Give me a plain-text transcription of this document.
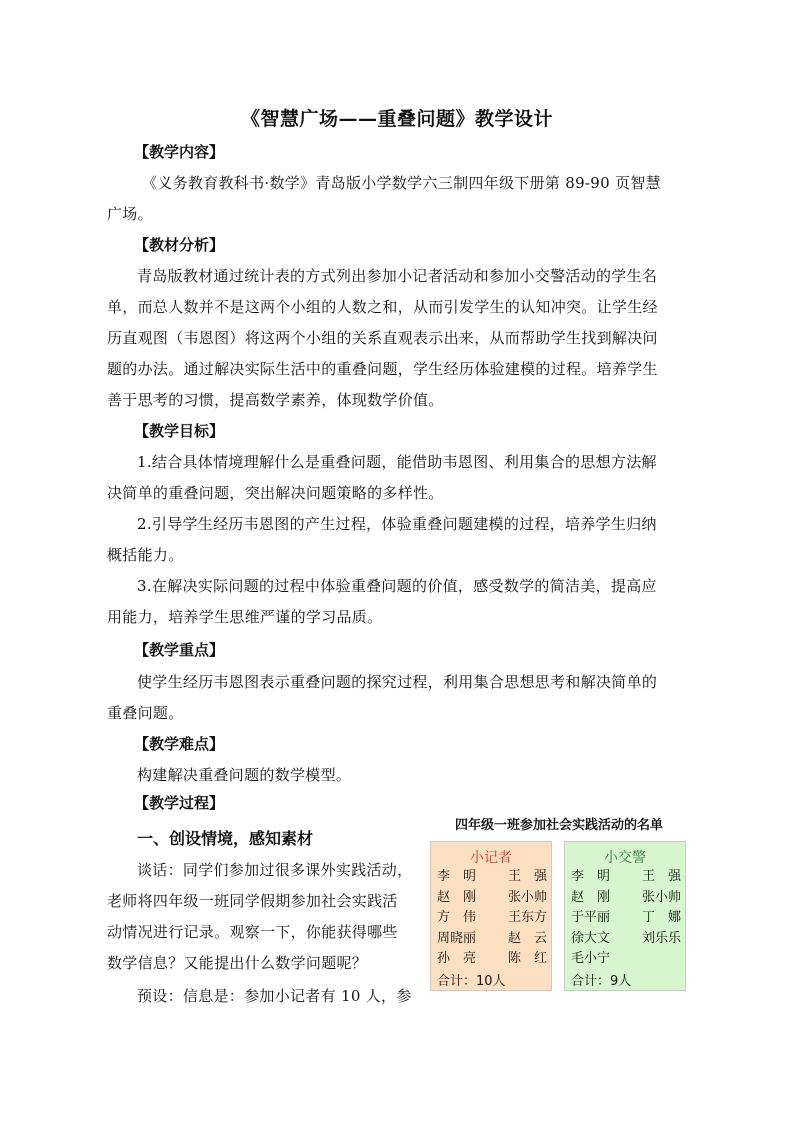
《智慧广场——重叠问题》教学设计
【教学内容】
《义务教育教科书·数学》青岛版小学数学六三制四年级下册第 89-90 页智慧
广场。
【教材分析】
青岛版教材通过统计表的方式列出参加小记者活动和参加小交警活动的学生名
单，而总人数并不是这两个小组的人数之和，从而引发学生的认知冲突。让学生经
历直观图（韦恩图）将这两个小组的关系直观表示出来，从而帮助学生找到解决问
题的办法。通过解决实际生活中的重叠问题，学生经历体验建模的过程。培养学生
善于思考的习惯，提高数学素养，体现数学价值。
【教学目标】
1.结合具体情境理解什么是重叠问题，能借助韦恩图、利用集合的思想方法解
决简单的重叠问题，突出解决问题策略的多样性。
2.引导学生经历韦恩图的产生过程，体验重叠问题建模的过程，培养学生归纳
概括能力。
3.在解决实际问题的过程中体验重叠问题的价值，感受数学的简洁美，提高应
用能力，培养学生思维严谨的学习品质。
【教学重点】
使学生经历韦恩图表示重叠问题的探究过程，利用集合思想思考和解决简单的
重叠问题。
【教学难点】
构建解决重叠问题的数学模型。
【教学过程】
一、创设情境，感知素材
谈话：同学们参加过很多课外实践活动，
老师将四年级一班同学假期参加社会实践活
动情况进行记录。观察一下，你能获得哪些
数学信息？又能提出什么数学问题呢？
预设：信息是：参加小记者有 10 人，参
四年级一班参加社会实践活动的名单
小记者
李　明 王　强
赵　刚 张小帅
方　伟 王东方
周晓丽 赵　云
孙　亮 陈　红
合计：10人
小交警
李　明 王　强
赵　刚 张小帅
于平丽 丁　娜
徐大文 刘乐乐
毛小宁
合计：9人
